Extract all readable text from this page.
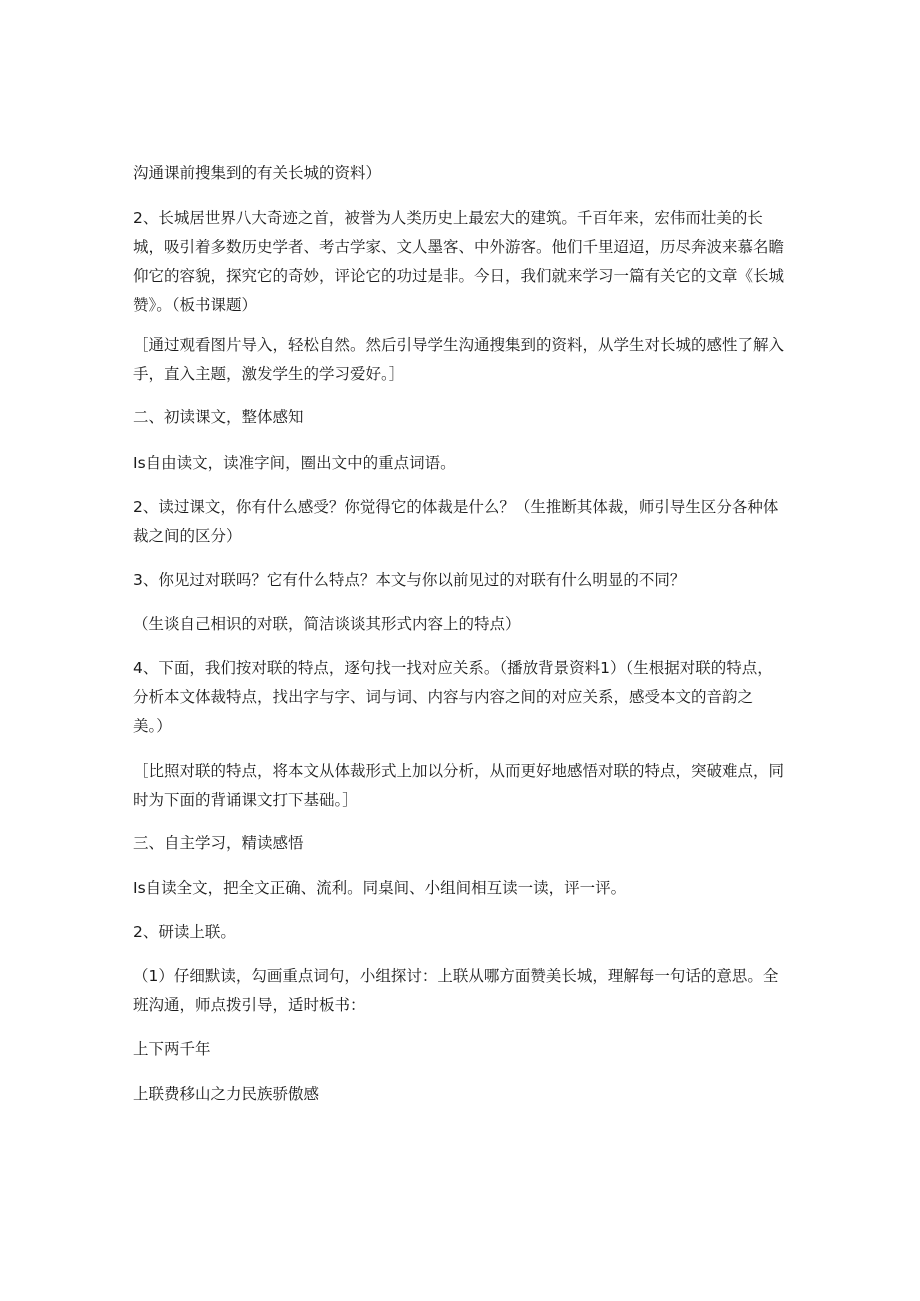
沟通课前搜集到的有关长城的资料）

2、长城居世界八大奇迹之首，被誉为人类历史上最宏大的建筑。千百年来，宏伟而壮美的长
城，吸引着多数历史学者、考古学家、文人墨客、中外游客。他们千里迢迢，历尽奔波来慕名瞻
仰它的容貌，探究它的奇妙，评论它的功过是非。今日，我们就来学习一篇有关它的文章《长城
赞》。（板书课题）

［通过观看图片导入，轻松自然。然后引导学生沟通搜集到的资料，从学生对长城的感性了解入
手，直入主题，激发学生的学习爱好。］

二、初读课文，整体感知

Is自由读文，读准字间，圈出文中的重点词语。

2、读过课文，你有什么感受？你觉得它的体裁是什么？（生推断其体裁，师引导生区分各种体
裁之间的区分）

3、你见过对联吗？它有什么特点？本文与你以前见过的对联有什么明显的不同？

（生谈自己相识的对联，简洁谈谈其形式内容上的特点）

4、下面，我们按对联的特点，逐句找一找对应关系。（播放背景资料1）（生根据对联的特点，
分析本文体裁特点，找出字与字、词与词、内容与内容之间的对应关系，感受本文的音韵之
美。）

［比照对联的特点，将本文从体裁形式上加以分析，从而更好地感悟对联的特点，突破难点，同
时为下面的背诵课文打下基础。］

三、自主学习，精读感悟

Is自读全文，把全文正确、流利。同桌间、小组间相互读一读，评一评。

2、研读上联。

（1）仔细默读，勾画重点词句，小组探讨：上联从哪方面赞美长城，理解每一句话的意思。全
班沟通，师点拨引导，适时板书：

上下两千年

上联费移山之力民族骄傲感
